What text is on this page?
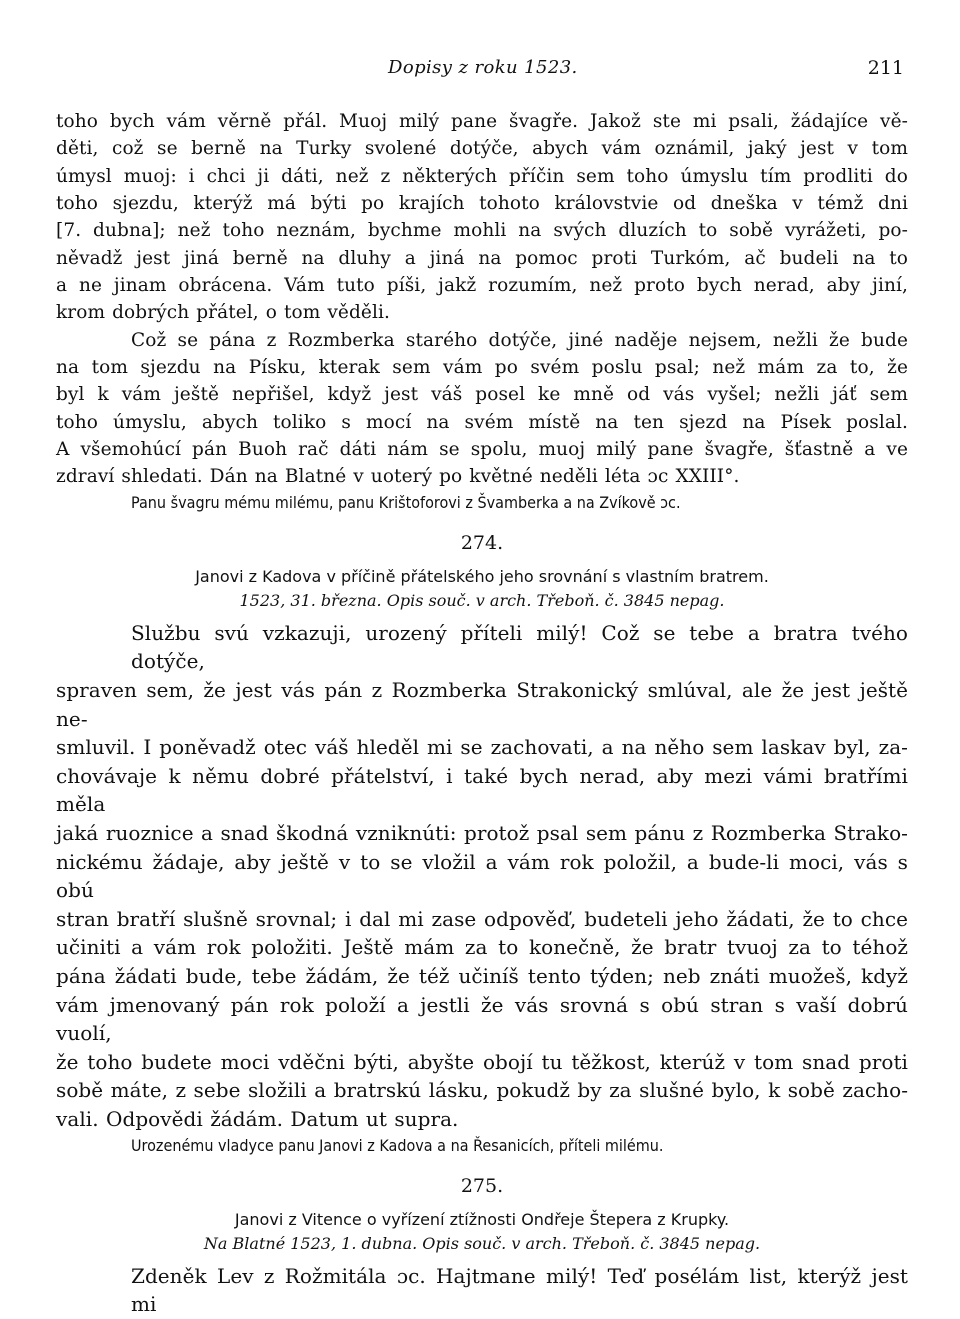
Dopisy z roku 1523.	211
toho bych vám věrně přál. Muoj milý pane švagře. Jakož ste mi psali, žádajíce vě-
děti, což se berně na Turky svolené dotýče, abych vám oznámil, jaký jest v tom
úmysl muoj: i chci ji dáti, než z některých příčin sem toho úmyslu tím prodliti do
toho sjezdu, kterýž má býti po krajích tohoto královstvie od dneška v témž dni
[7. dubna]; než toho neznám, bychme mohli na svých dluzích to sobě vyrážeti, po-
něvadž jest jiná berně na dluhy a jiná na pomoc proti Turkóm, ač budeli na to
a ne jinam obrácena. Vám tuto píši, jakž rozumím, než proto bych nerad, aby jiní,
krom dobrých přátel, o tom věděli.
Což se pána z Rozmberka starého dotýče, jiné naděje nejsem, nežli že bude
na tom sjezdu na Písku, kterak sem vám po svém poslu psal; než mám za to, že
byl k vám ještě nepřišel, když jest váš posel ke mně od vás vyšel; nežli jáť sem
toho úmyslu, abych toliko s mocí na svém místě na ten sjezd na Písek poslal.
A všemohúcí pán Buoh rač dáti nám se spolu, muoj milý pane švagře, šťastně a ve
zdraví shledati. Dán na Blatné v uoterý po květné neděli léta ɔc XXIII°.

Panu švagru mému milému, panu Krištoforovi z Švamberka a na Zvíkově ɔc.

274.
Janovi z Kadova v příčině přátelského jeho srovnání s vlastním bratrem.
1523, 31. března. Opis souč. v arch. Třeboň. č. 3845 nepag.
Službu svú vzkazuji, urozený příteli milý! Což se tebe a bratra tvého dotýče,
spraven sem, že jest vás pán z Rozmberka Strakonický smlúval, ale že jest ještě ne-
smluvil. I poněvadž otec váš hleděl mi se zachovati, a na něho sem laskav byl, za-
chovávaje k němu dobré přátelství, i také bych nerad, aby mezi vámi bratřími měla
jaká ruoznice a snad škodná vzniknúti: protož psal sem pánu z Rozmberka Strako-
nickému žádaje, aby ještě v to se vložil a vám rok položil, a bude-li moci, vás s obú
stran bratří slušně srovnal; i dal mi zase odpověď, budeteli jeho žádati, že to chce
učiniti a vám rok položiti. Ještě mám za to konečně, že bratr tvuoj za to téhož
pána žádati bude, tebe žádám, že též učiníš tento týden; neb znáti muožeš, když
vám jmenovaný pán rok položí a jestli že vás srovná s obú stran s vaší dobrú vuolí,
že toho budete moci vděčni býti, abyšte obojí tu těžkost, kterúž v tom snad proti
sobě máte, z sebe složili a bratrskú lásku, pokudž by za slušné bylo, k sobě zacho-
vali. Odpovědi žádám. Datum ut supra.

Urozenému vladyce panu Janovi z Kadova a na Řesanicích, příteli milému.

275.
Janovi z Vitence o vyřízení ztížnosti Ondřeje Štepera z Krupky.
Na Blatné 1523, 1. dubna. Opis souč. v arch. Třeboň. č. 3845 nepag.
Zdeněk Lev z Rožmitála ɔc. Hajtmane milý! Teď posélám list, kterýž jest mi
